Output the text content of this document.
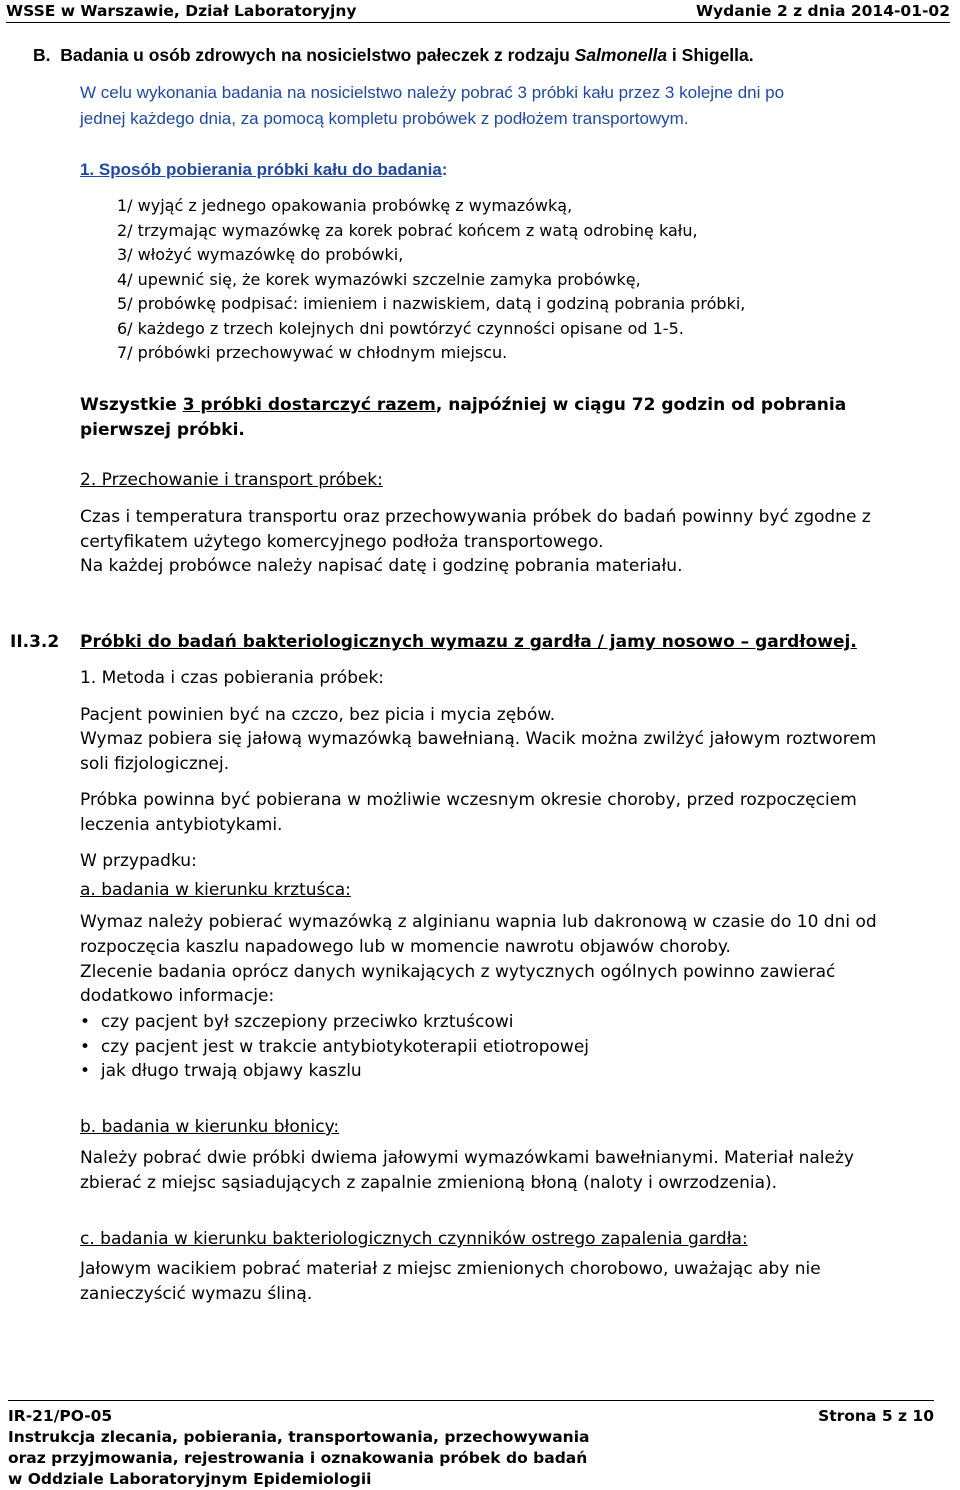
WSSE w Warszawie, Dział Laboratoryjny	Wydanie 2 z dnia 2014-01-02
B. Badania u osób zdrowych na nosicielstwo pałeczek z rodzaju Salmonella i Shigella.
W celu wykonania badania na nosicielstwo należy pobrać 3 próbki kału przez 3 kolejne dni po
jednej każdego dnia, za pomocą kompletu probówek z podłożem transportowym.
1. Sposób pobierania próbki kału do badania:
1/ wyjąć z jednego opakowania probówkę z wymazówką,
2/ trzymając wymazówkę za korek pobrać końcem z watą odrobinę kału,
3/ włożyć wymazówkę do probówki,
4/ upewnić się, że korek wymazówki szczelnie zamyka probówkę,
5/ probówkę podpisać: imieniem i nazwiskiem, datą i godziną pobrania próbki,
6/ każdego z trzech kolejnych dni powtórzyć czynności opisane od 1-5.
7/ próbówki przechowywać w chłodnym miejscu.
Wszystkie 3 próbki dostarczyć razem, najpóźniej w ciągu 72 godzin od pobrania
pierwszej próbki.
2. Przechowanie i transport próbek:
Czas i temperatura transportu oraz przechowywania próbek do badań powinny być zgodne z
certyfikatem użytego komercyjnego podłoża transportowego.
Na każdej probówce należy napisać datę i godzinę pobrania materiału.
II.3.2 Próbki do badań bakteriologicznych wymazu z gardła / jamy nosowo – gardłowej.
1. Metoda i czas pobierania próbek:
Pacjent powinien być na czczo, bez picia i mycia zębów.
Wymaz pobiera się jałową wymazówką bawełnianą. Wacik można zwilżyć jałowym roztworem
soli fizjologicznej.
Próbka powinna być pobierana w możliwie wczesnym okresie choroby, przed rozpoczęciem
leczenia antybiotykami.
W przypadku:
a. badania w kierunku krztuśca:
Wymaz należy pobierać wymazówką z alginianu wapnia lub dakronową w czasie do 10 dni od
rozpoczęcia kaszlu napadowego lub w momencie nawrotu objawów choroby.
Zlecenie badania oprócz danych wynikających z wytycznych ogólnych powinno zawierać
dodatkowo informacje:
• czy pacjent był szczepiony przeciwko krztuścowi
• czy pacjent jest w trakcie antybiotykoterapii etiotropowej
• jak długo trwają objawy kaszlu
b. badania w kierunku błonicy:
Należy pobrać dwie próbki dwiema jałowymi wymazówkami bawełnianymi. Materiał należy
zbierać z miejsc sąsiadujących z zapalnie zmienioną błoną (naloty i owrzodzenia).
c. badania w kierunku bakteriologicznych czynników ostrego zapalenia gardła:
Jałowym wacikiem pobrać materiał z miejsc zmienionych chorobowo, uważając aby nie
zanieczyścić wymazu śliną.
IR-21/PO-05
Instrukcja zlecania, pobierania, transportowania, przechowywania
oraz przyjmowania, rejestrowania i oznakowania próbek do badań
w Oddziale Laboratoryjnym Epidemiologii
Strona 5 z 10
